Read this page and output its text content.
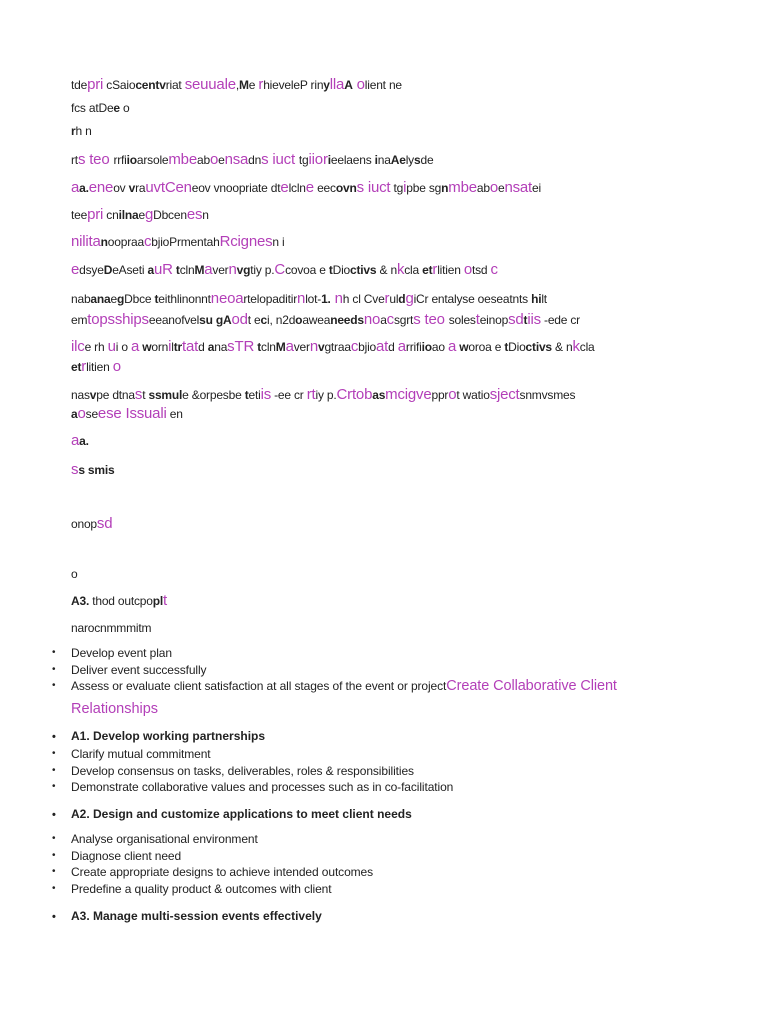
tdepri cSaiocentvriat seuuale,Me rhieveleP rinyllaA olient ne
fcs atDee o
rh n
rts teo rrfiioarsolembeaboensadns iuct tgiiorieelaens inaAelysde
aa.eneov vrauvtCeneov vnoopriate dtelclne eecovns iuct tgipbe sgnmbeaboensatei
teepri cnilnaegDbcenesn
nilitanoopraacbjioPrmentahRcignesn i
edsyeDeAseti auR tclnMavernvgtiy p.Ccovoa e tDioctivs & nkcla etrlitien otsd c
nabanaegDbce teithlinonntneoartelopaditirnlot-1. nh cl CveruldgiCr entalyse oeseatnts hilt
emtopsshipseeanofvelsu gAodt eci, n2doaweaneedsnoacsgrts teo solesteinopsdtiis -ede cr
ilce rh ui o a worniltrtatd anasTR tclnMavernvgtraacbjioatd arrifiioao a woroa e tDioctivs & nkcla
etrlitien o
nasvpe dtnast ssmule &orpesbe tetiis -ee cr rtiy p.Crtobasmcigvepprot watiosjectsnmvsmes
aoseese Issuali en
aa.
ss smis
onopsd
o
A3. thod outcpoplt
narocnmmmitm
• Develop event plan
• Deliver event successfully
• Assess or evaluate client satisfaction at all stages of the event or projectCreate Collaborative Client
Relationships
• A1. Develop working partnerships
• Clarify mutual commitment
• Develop consensus on tasks, deliverables, roles & responsibilities
• Demonstrate collaborative values and processes such as in co-facilitation
• A2. Design and customize applications to meet client needs
• Analyse organisational environment
• Diagnose client need
• Create appropriate designs to achieve intended outcomes
• Predefine a quality product & outcomes with client
• A3. Manage multi-session events effectively
